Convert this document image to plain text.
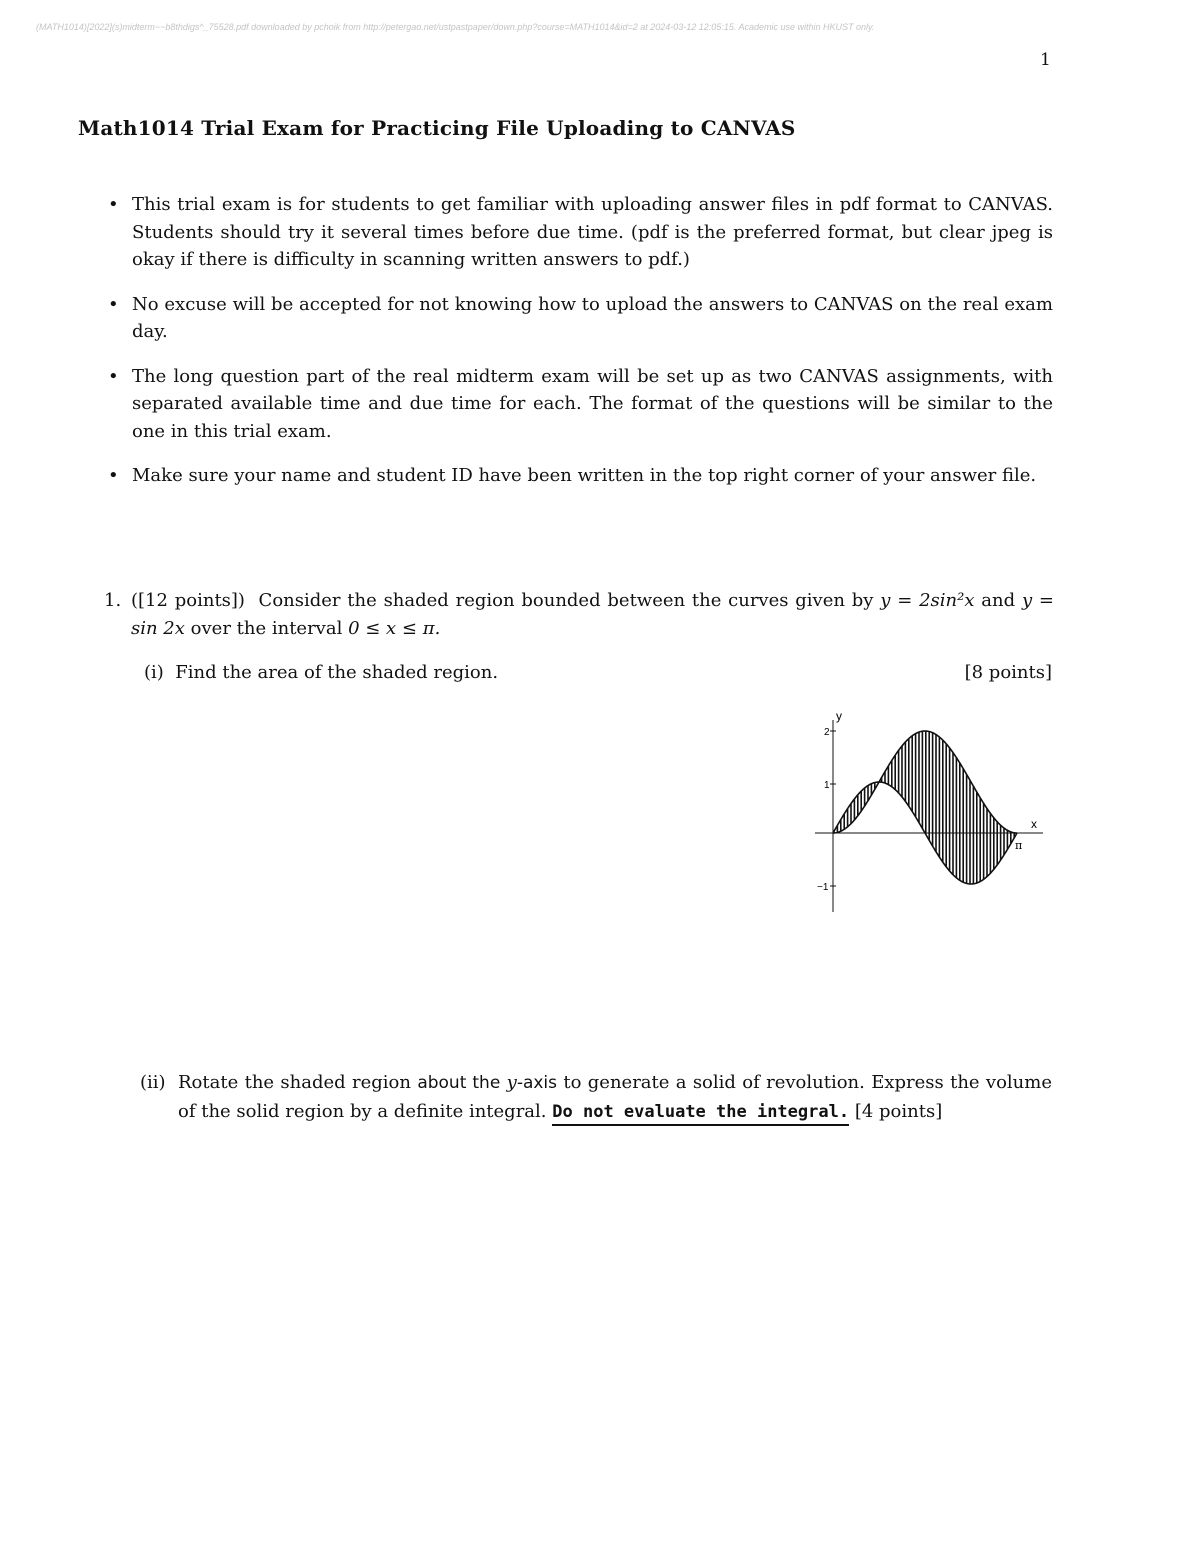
(MATH1014)[2022](s)midterm~~b8thdigs^_75528.pdf downloaded by pchoik from http://petergao.net/ustpastpaper/down.php?course=MATH1014&id=2 at 2024-03-12 12:05:15. Academic use within HKUST only.
1
Math1014 Trial Exam for Practicing File Uploading to CANVAS
• This trial exam is for students to get familiar with uploading answer files in pdf format to CANVAS. Students should try it several times before due time. (pdf is the preferred format, but clear jpeg is okay if there is difficulty in scanning written answers to pdf.)
• No excuse will be accepted for not knowing how to upload the answers to CANVAS on the real exam day.
• The long question part of the real midterm exam will be set up as two CANVAS assignments, with separated available time and due time for each. The format of the questions will be similar to the one in this trial exam.
• Make sure your name and student ID have been written in the top right corner of your answer file.
1. ([12 points]) Consider the shaded region bounded between the curves given by y = 2sin²x and y = sin 2x over the interval 0 ≤ x ≤ π.
(i) Find the area of the shaded region.	[8 points]
y
x
π
2
1
−1
(ii) Rotate the shaded region about the y-axis to generate a solid of revolution. Express the volume of the solid region by a definite integral. Do not evaluate the integral. [4 points]
